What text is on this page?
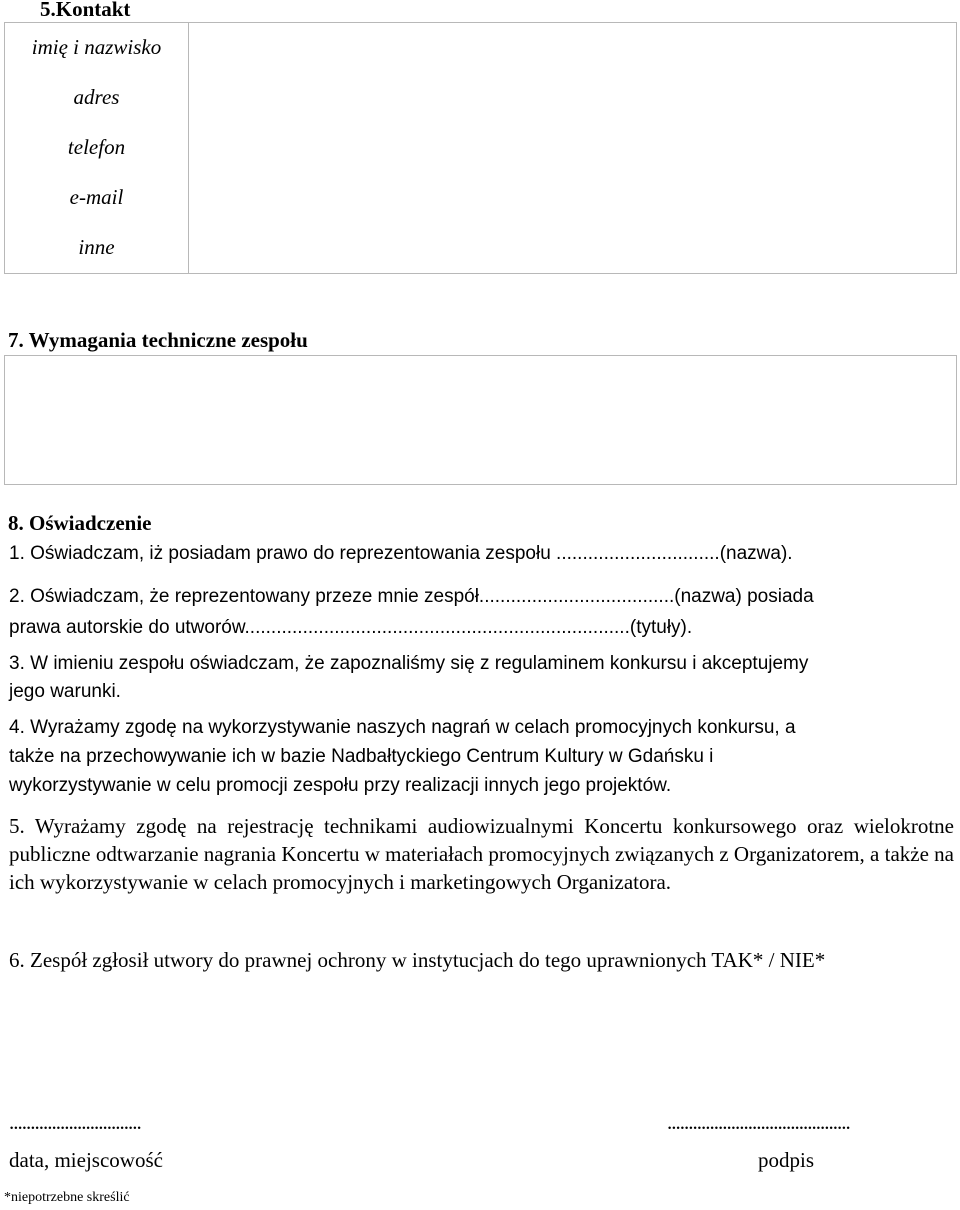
5.Kontakt
imię i nazwisko
adres
telefon
e-mail
inne

7. Wymagania techniczne zespołu
8. Oświadczenie
1. Oświadczam, iż posiadam prawo do reprezentowania zespołu ...............................(nazwa).
2. Oświadczam, że reprezentowany przeze mnie zespół.....................................(nazwa) posiada
prawa autorskie do utworów.........................................................................(tytuły).
3. W imieniu zespołu oświadczam, że zapoznaliśmy się z regulaminem konkursu i akceptujemy
jego warunki.
4. Wyrażamy zgodę na wykorzystywanie naszych nagrań w celach promocyjnych konkursu, a
także na przechowywanie ich w bazie Nadbałtyckiego Centrum Kultury w Gdańsku i
wykorzystywanie w celu promocji zespołu przy realizacji innych jego projektów.
5. Wyrażamy zgodę na rejestrację technikami audiowizualnymi Koncertu konkursowego oraz wielokrotne publiczne odtwarzanie nagrania Koncertu w materiałach promocyjnych związanych z Organizatorem, a także na ich wykorzystywanie w celach promocyjnych i marketingowych Organizatora.
6. Zespół zgłosił utwory do prawnej ochrony w instytucjach do tego uprawnionych TAK* / NIE*
...............................	...........................................
data, miejscowość	podpis
*niepotrzebne skreślić
